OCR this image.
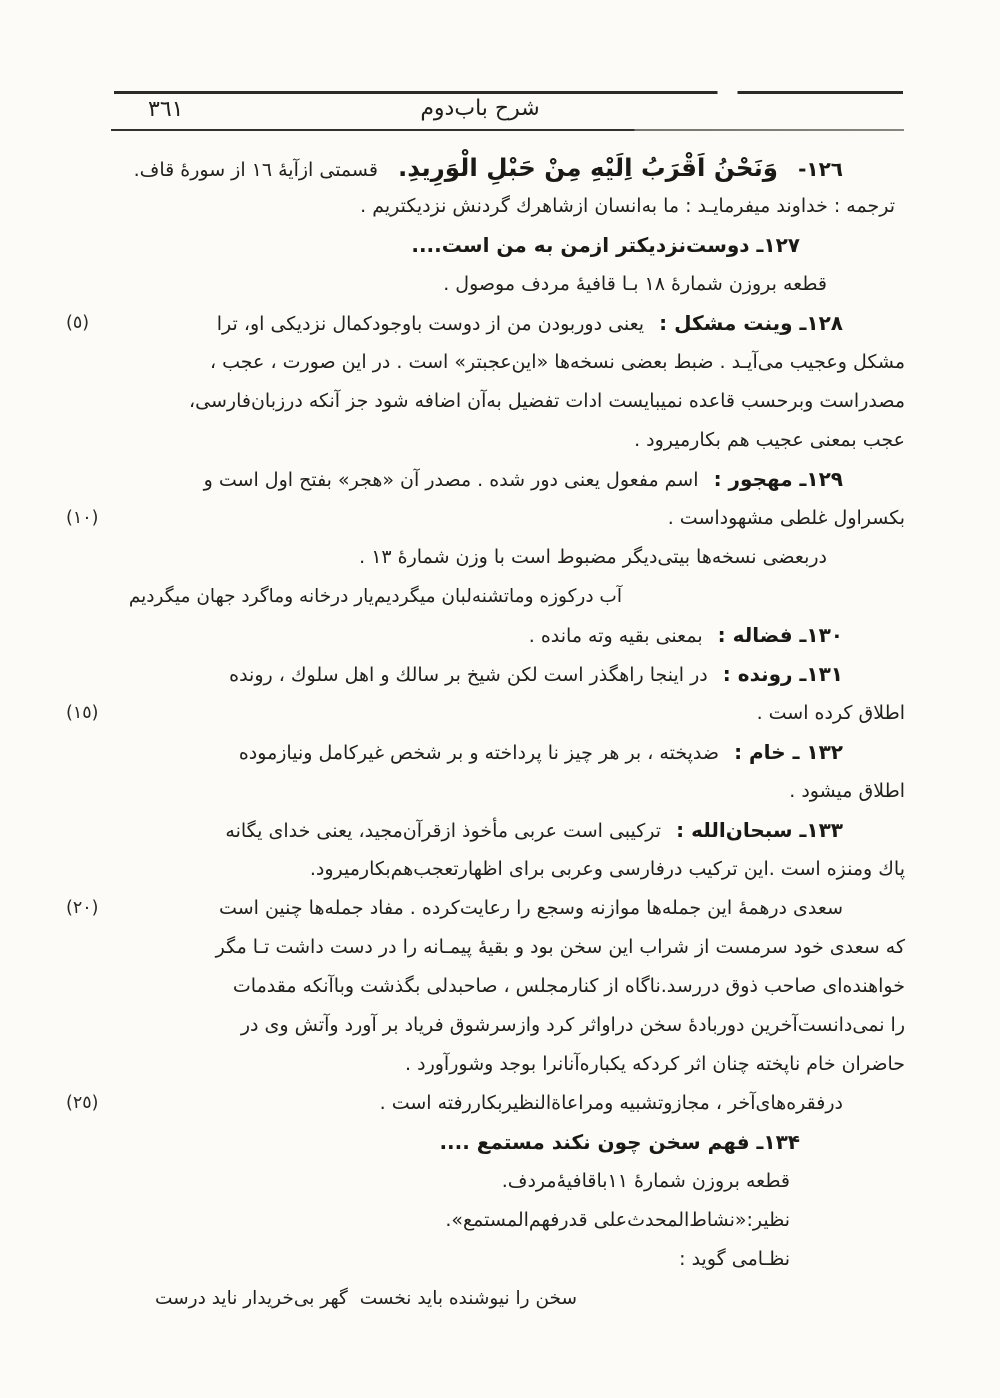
شرح باب‌دوم
٣٦١
١٢٦- وَنَحْنُ اَقْرَبُ اِلَيْهِ مِنْ حَبْلِ الْوَرِيدِ. قسمتی ازآیۀ ١٦ از سورۀ قاف.
ترجمه : خداوند میفرمایـد : ما به‌انسان ازشاهرك گردنش نزدیكتریم .
١٢٧ـ دوست‌نزدیكتر ازمن به من است....
قطعه بروزن شمارۀ ١٨ بـا قافیۀ مردف موصول .
١٢٨ـ وینت مشكل : یعنی دوربودن من از دوست باوجودكمال نزدیكی او، ترا
(٥)
مشكل وعجیب می‌آیـد . ضبط بعضی نسخه‌ها «این‌عجبتر» است . در این صورت ، عجب ،
مصدراست وبرحسب قاعده نمیبایست ادات تفضیل به‌آن اضافه شود جز آنكه درزبان‌فارسی،
عجب بمعنی عجیب هم بكارمیرود .
١٢٩ـ مهجور : اسم مفعول یعنی دور شده . مصدر آن «هجر» بفتح اول است و
بكسراول غلطی مشهوداست .
(١٠)
دربعضی نسخه‌ها بیتی‌دیگر مضبوط است با وزن شمارۀ ١٣ .
آب دركوزه وماتشنه‌لبان میگردیم
یار درخانه وماگرد جهان میگردیم
١٣٠ـ فضاله : بمعنی بقیه وته مانده .
١٣١ـ رونده : در اینجا راهگذر است لكن شیخ بر سالك و اهل سلوك ، رونده
اطلاق كرده است .
(١٥)
١٣٢ ـ خام : ضدپخته ، بر هر چیز نا پرداخته و بر شخص غیركامل ونیازموده
اطلاق میشود .
١٣٣ـ سبحان‌الله : تركیبی است عربی مأخوذ ازقرآن‌مجید، یعنی خدای یگانه
پاك ومنزه است .این تركیب درفارسی وعربی برای اظهارتعجب‌هم‌بكارمیرود.
سعدی درهمۀ این جمله‌ها موازنه وسجع را رعایت‌كرده . مفاد جمله‌ها چنین است
(٢٠)
كه سعدی خود سرمست از شراب این سخن بود و بقیۀ پیمـانه را در دست داشت تـا مگر
خواهنده‌ای صاحب ذوق دررسد.ناگاه از كنارمجلس ، صاحبدلی بگذشت وباآنكه مقدمات
را نمی‌دانست‌آخرین دوربادۀ سخن دراواثر كرد وازسرشوق فریاد بر آورد وآتش وی در
حاضران خام ناپخته چنان اثر كردكه یكباره‌آنانرا بوجد وشورآورد .
درفقره‌های‌آخر ، مجازوتشبیه ومراعاةالنظیربكاررفته است .
(٢٥)
١٣۴ـ فهم سخن چون نكند مستمع ....
قطعه بروزن شمارۀ ١١باقافیۀ‌مردف.
نظیر:«نشاط‌المحدث‌علی قدرفهم‌المستمع».
نظـامی گوید :
سخن را نیوشنده باید نخست
گهر بی‌خریدار ناید درست
